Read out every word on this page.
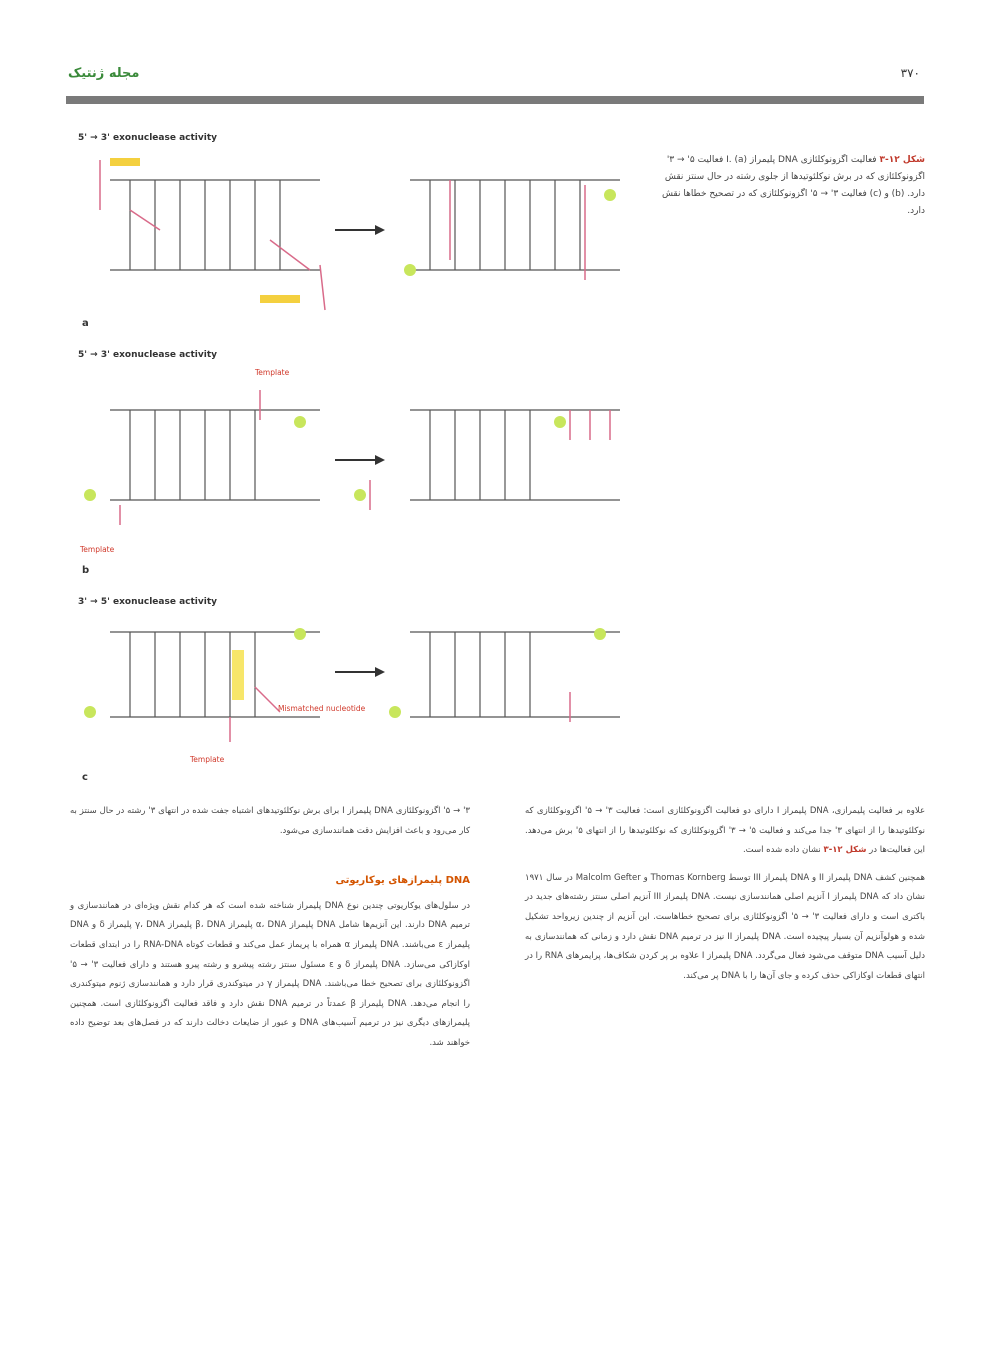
مجله ژنتیک	۳۷۰
5' → 3' exonuclease activity
a
5' → 3' exonuclease activity
Template
Template
b
3' → 5' exonuclease activity
Mismatched nucleotide
Template
c
شکل ۱۲-۳ فعالیت اگزونوکلئازی DNA پلیمراز I. (a) فعالیت ۵' → ۳' اگزونوکلئازی که در برش نوکلئوتیدها از جلوی رشته در حال سنتز نقش دارد. (b) و (c) فعالیت ۳' → ۵' اگزونوکلئازی که در تصحیح خطاها نقش دارد.
۳' → ۵' اگزونوکلئازی DNA پلیمراز I برای برش نوکلئوتیدهای اشتباه جفت شده در انتهای ۳' رشته در حال سنتز به کار می‌رود و باعث افزایش دقت همانندسازی می‌شود.
DNA پلیمرازهای یوکاریوتی
در سلول‌های یوکاریوتی چندین نوع DNA پلیمراز شناخته شده است که هر کدام نقش ویژه‌ای در همانندسازی و ترمیم DNA دارند. این آنزیم‌ها شامل DNA پلیمراز α، DNA پلیمراز β، DNA پلیمراز γ، DNA پلیمراز δ و DNA پلیمراز ε می‌باشند. DNA پلیمراز α همراه با پریماز عمل می‌کند و قطعات کوتاه RNA-DNA را در ابتدای قطعات اوکازاکی می‌سازد. DNA پلیمراز δ و ε مسئول سنتز رشته پیشرو و رشته پیرو هستند و دارای فعالیت ۳' → ۵' اگزونوکلئازی برای تصحیح خطا می‌باشند. DNA پلیمراز γ در میتوکندری قرار دارد و همانندسازی ژنوم میتوکندری را انجام می‌دهد. DNA پلیمراز β عمدتاً در ترمیم DNA نقش دارد و فاقد فعالیت اگزونوکلئازی است. همچنین پلیمرازهای دیگری نیز در ترمیم آسیب‌های DNA و عبور از ضایعات دخالت دارند که در فصل‌های بعد توضیح داده خواهند شد.

علاوه بر فعالیت پلیمرازی، DNA پلیمراز I دارای دو فعالیت اگزونوکلئازی است: فعالیت ۳' → ۵' اگزونوکلئازی که نوکلئوتیدها را از انتهای ۳' جدا می‌کند و فعالیت ۵' → ۳' اگزونوکلئازی که نوکلئوتیدها را از انتهای ۵' برش می‌دهد. این فعالیت‌ها در شکل ۱۲-۳ نشان داده شده است.

همچنین کشف DNA پلیمراز II و DNA پلیمراز III توسط Thomas Kornberg و Malcolm Gefter در سال ۱۹۷۱ نشان داد که DNA پلیمراز I آنزیم اصلی همانندسازی نیست. DNA پلیمراز III آنزیم اصلی سنتز رشته‌های جدید در باکتری است و دارای فعالیت ۳' → ۵' اگزونوکلئازی برای تصحیح خطاهاست. این آنزیم از چندین زیرواحد تشکیل شده و هولوآنزیم آن بسیار پیچیده است. DNA پلیمراز II نیز در ترمیم DNA نقش دارد و زمانی که همانندسازی به دلیل آسیب DNA متوقف می‌شود فعال می‌گردد. DNA پلیمراز I علاوه بر پر کردن شکاف‌ها، پرایمرهای RNA را در انتهای قطعات اوکازاکی حذف کرده و جای آن‌ها را با DNA پر می‌کند.
